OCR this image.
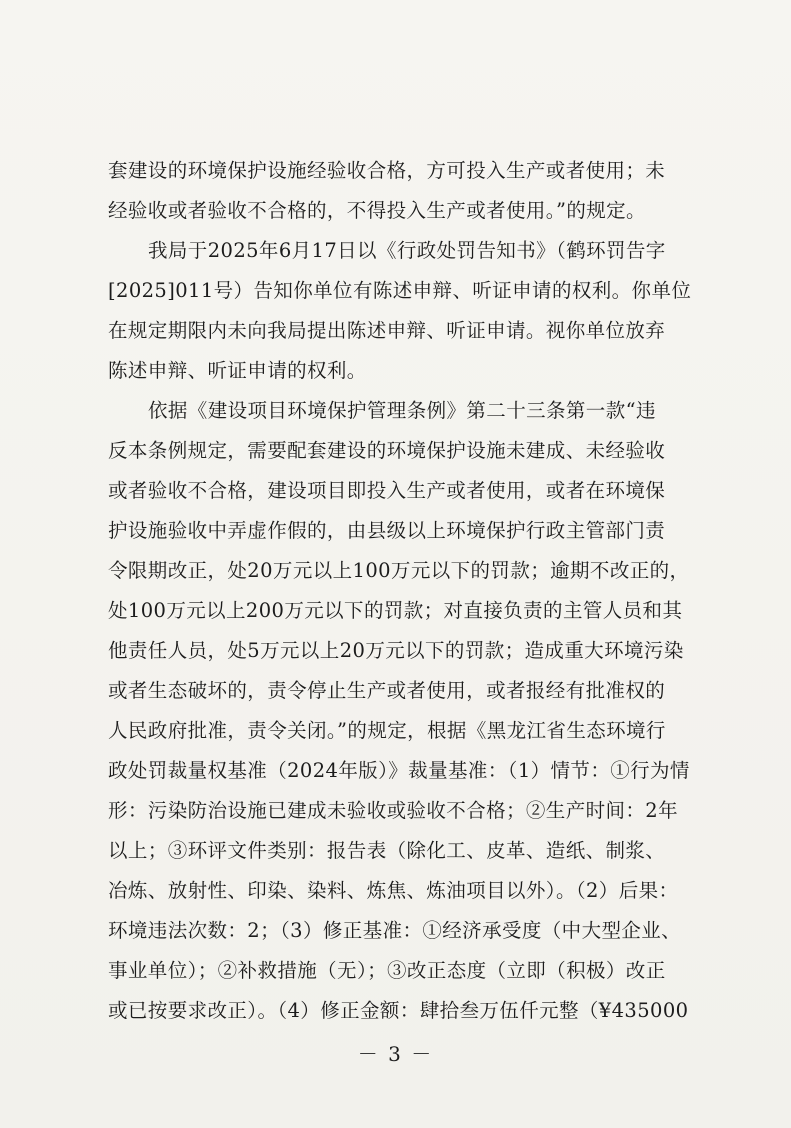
套建设的环境保护设施经验收合格，方可投入生产或者使用；未
经验收或者验收不合格的，不得投入生产或者使用。”的规定。
我局于2025年6月17日以《行政处罚告知书》（鹤环罚告字
[2025]011号）告知你单位有陈述申辩、听证申请的权利。你单位
在规定期限内未向我局提出陈述申辩、听证申请。视你单位放弃
陈述申辩、听证申请的权利。
依据《建设项目环境保护管理条例》第二十三条第一款“违
反本条例规定，需要配套建设的环境保护设施未建成、未经验收
或者验收不合格，建设项目即投入生产或者使用，或者在环境保
护设施验收中弄虚作假的，由县级以上环境保护行政主管部门责
令限期改正，处20万元以上100万元以下的罚款；逾期不改正的，
处100万元以上200万元以下的罚款；对直接负责的主管人员和其
他责任人员，处5万元以上20万元以下的罚款；造成重大环境污染
或者生态破坏的，责令停止生产或者使用，或者报经有批准权的
人民政府批准，责令关闭。”的规定，根据《黑龙江省生态环境行
政处罚裁量权基准（2024年版）》裁量基准：（1）情节：①行为情
形：污染防治设施已建成未验收或验收不合格；②生产时间：2年
以上；③环评文件类别：报告表（除化工、皮革、造纸、制浆、
冶炼、放射性、印染、染料、炼焦、炼油项目以外）。（2）后果：
环境违法次数：2；（3）修正基准：①经济承受度（中大型企业、
事业单位）；②补救措施（无）；③改正态度（立即（积极）改正
或已按要求改正）。（4）修正金额：肆拾叁万伍仟元整（¥435000
－ 3 －
